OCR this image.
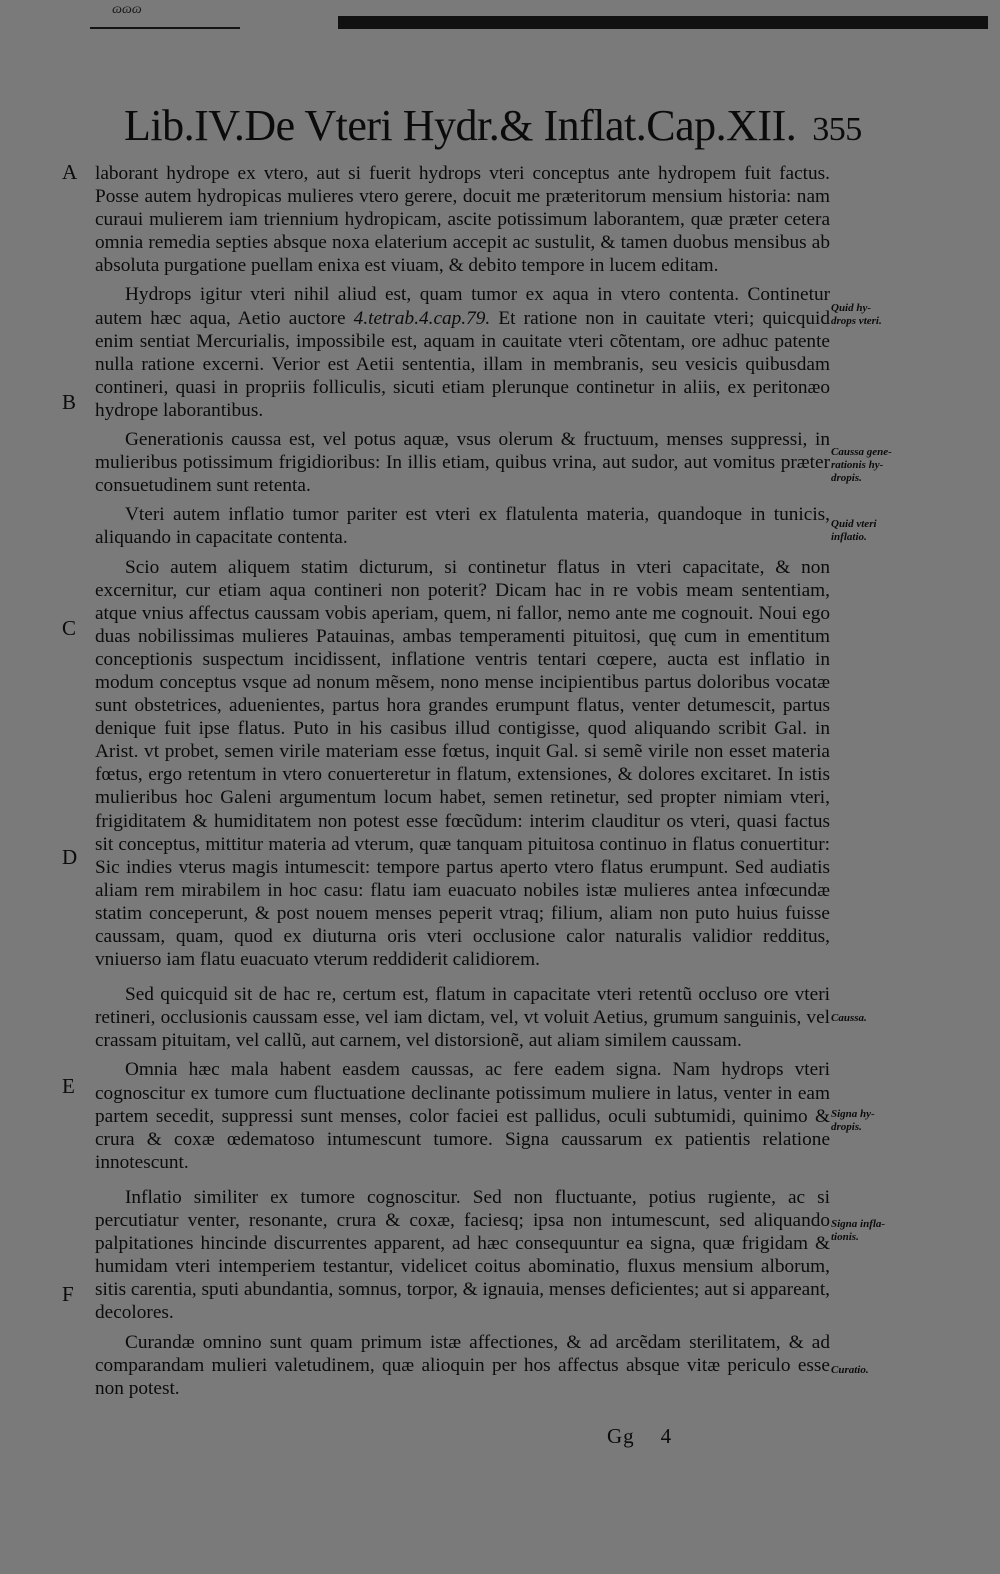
ɷɷɷ
Lib.IV.De Vteri Hydr.& Inflat.Cap.XII. 355
A
B
C
D
E
F
Quid hy-
drops vteri.
Caussa gene-
rationis hy-
dropis.
Quid vteri
inflatio.
Caussa.
Signa hy-
dropis.
Signa infla-
tionis.
Curatio.

laborant hydrope ex vtero, aut si fuerit hydrops vteri conceptus ante hydropem fuit factus. Posse autem hydropicas mulieres vtero gerere, docuit me præteritorum mensium historia: nam curaui mulierem iam triennium hydropicam, ascite potissimum laborantem, quæ præter cetera omnia remedia septies absque noxa elaterium accepit ac sustulit, & tamen duobus mensibus ab absoluta purgatione puellam enixa est viuam, & debito tempore in lucem editam.

Hydrops igitur vteri nihil aliud est, quam tumor ex aqua in vtero contenta. Continetur autem hæc aqua, Aetio auctore 4.tetrab.4.cap.79. Et ratione non in cauitate vteri; quicquid enim sentiat Mercurialis, impossibile est, aquam in cauitate vteri cõtentam, ore adhuc patente nulla ratione excerni. Verior est Aetii sententia, illam in membranis, seu vesicis quibusdam contineri, quasi in propriis folliculis, sicuti etiam plerunque continetur in aliis, ex peritonæo hydrope laborantibus.

Generationis caussa est, vel potus aquæ, vsus olerum & fructuum, menses suppressi, in mulieribus potissimum frigidioribus: In illis etiam, quibus vrina, aut sudor, aut vomitus præter consuetudinem sunt retenta.

Vteri autem inflatio tumor pariter est vteri ex flatulenta materia, quandoque in tunicis, aliquando in capacitate contenta.

Scio autem aliquem statim dicturum, si continetur flatus in vteri capacitate, & non excernitur, cur etiam aqua contineri non poterit? Dicam hac in re vobis meam sententiam, atque vnius affectus caussam vobis aperiam, quem, ni fallor, nemo ante me cognouit. Noui ego duas nobilissimas mulieres Patauinas, ambas temperamenti pituitosi, quę cum in ementitum conceptionis suspectum incidissent, inflatione ventris tentari cœpere, aucta est inflatio in modum conceptus vsque ad nonum mẽsem, nono mense incipientibus partus doloribus vocatæ sunt obstetrices, aduenientes, partus hora grandes erumpunt flatus, venter detumescit, partus denique fuit ipse flatus. Puto in his casibus illud contigisse, quod aliquando scribit Gal. in Arist. vt probet, semen virile materiam esse fœtus, inquit Gal. si semẽ virile non esset materia fœtus, ergo retentum in vtero conuerteretur in flatum, extensiones, & dolores excitaret. In istis mulieribus hoc Galeni argumentum locum habet, semen retinetur, sed propter nimiam vteri, frigiditatem & humiditatem non potest esse fœcũdum: interim clauditur os vteri, quasi factus sit conceptus, mittitur materia ad vterum, quæ tanquam pituitosa continuo in flatus conuertitur: Sic indies vterus magis intumescit: tempore partus aperto vtero flatus erumpunt. Sed audiatis aliam rem mirabilem in hoc casu: flatu iam euacuato nobiles istæ mulieres antea infœcundæ statim conceperunt, & post nouem menses peperit vtraq; filium, aliam non puto huius fuisse caussam, quam, quod ex diuturna oris vteri occlusione calor naturalis validior redditus, vniuerso iam flatu euacuato vterum reddiderit calidiorem.

Sed quicquid sit de hac re, certum est, flatum in capacitate vteri retentũ occluso ore vteri retineri, occlusionis caussam esse, vel iam dictam, vel, vt voluit Aetius, grumum sanguinis, vel crassam pituitam, vel callũ, aut carnem, vel distorsionẽ, aut aliam similem caussam.

Omnia hæc mala habent easdem caussas, ac fere eadem signa. Nam hydrops vteri cognoscitur ex tumore cum fluctuatione declinante potissimum muliere in latus, venter in eam partem secedit, suppressi sunt menses, color faciei est pallidus, oculi subtumidi, quinimo & crura & coxæ œdematoso intumescunt tumore. Signa caussarum ex patientis relatione innotescunt.

Inflatio similiter ex tumore cognoscitur. Sed non fluctuante, potius rugiente, ac si percutiatur venter, resonante, crura & coxæ, faciesq; ipsa non intumescunt, sed aliquando palpitationes hincinde discurrentes apparent, ad hæc consequuntur ea signa, quæ frigidam & humidam vteri intemperiem testantur, videlicet coitus abominatio, fluxus mensium alborum, sitis carentia, sputi abundantia, somnus, torpor, & ignauia, menses deficientes; aut si appareant, decolores.

Curandæ omnino sunt quam primum istæ affectiones, & ad arcẽdam sterilitatem, & ad comparandam mulieri valetudinem, quæ alioquin per hos affectus absque vitæ periculo esse non potest.

Gg 4
